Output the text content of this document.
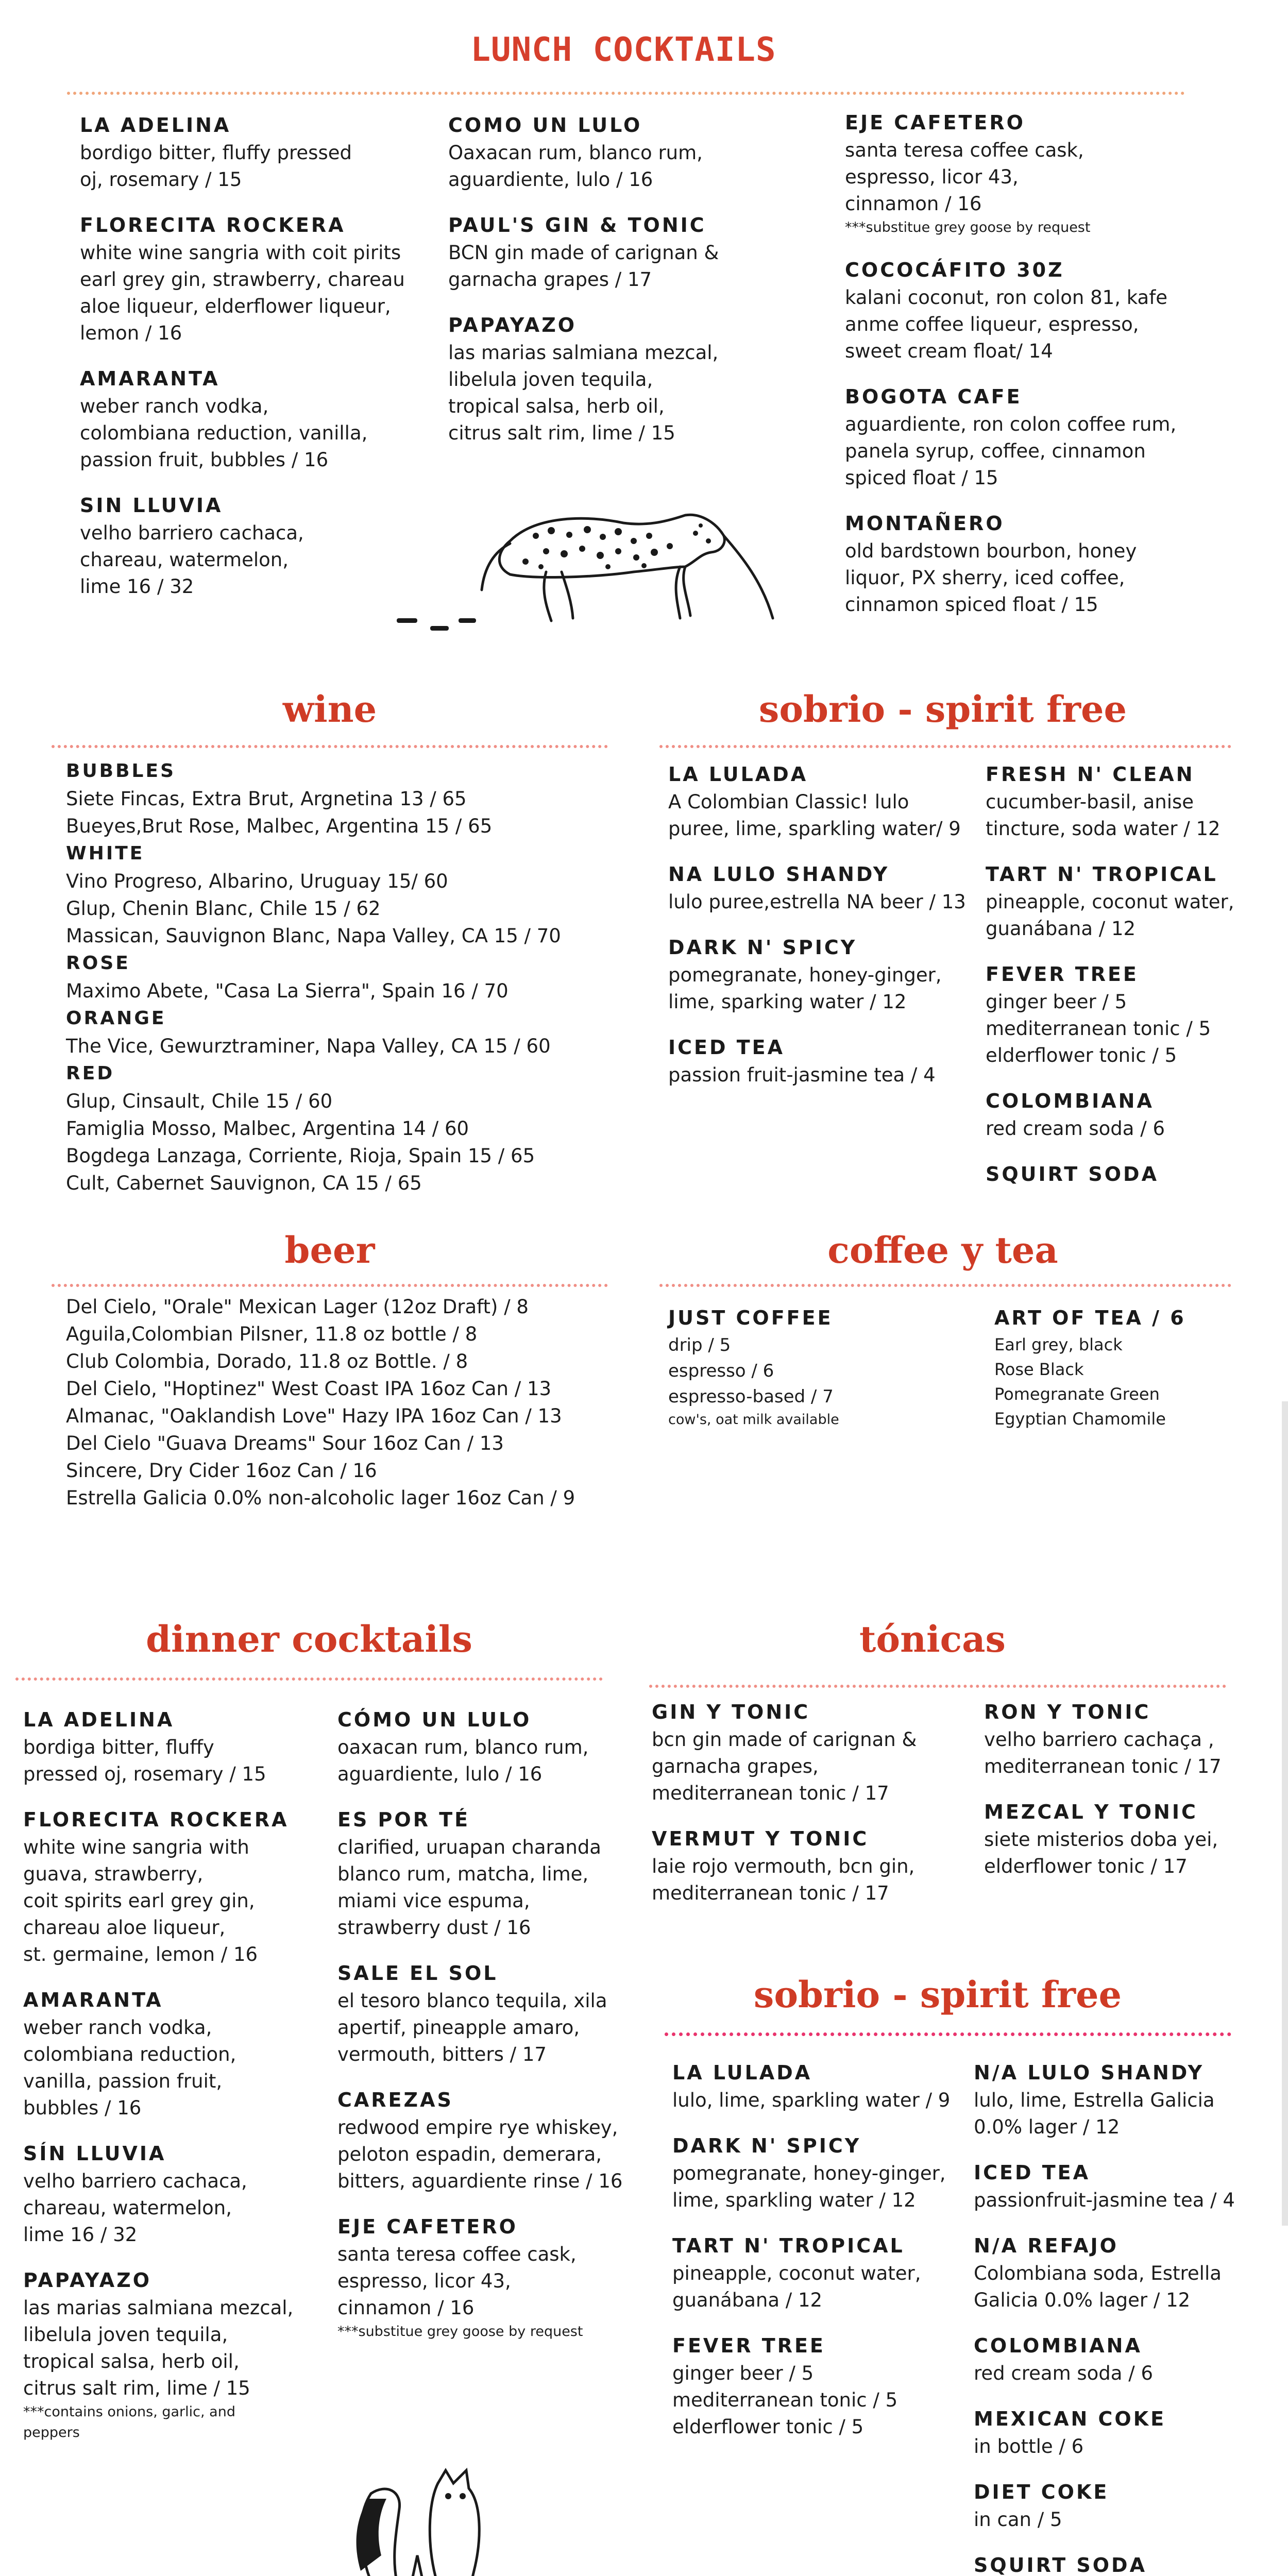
LUNCH COCKTAILS
LA ADELINA
bordigo bitter, fluffy pressed
oj, rosemary / 15
FLORECITA ROCKERA
white wine sangria with coit pirits
earl grey gin, strawberry, chareau
aloe liqueur, elderflower liqueur,
lemon / 16
AMARANTA
weber ranch vodka,
colombiana reduction, vanilla,
passion fruit, bubbles / 16
SIN LLUVIA
velho barriero cachaca,
chareau, watermelon,
lime 16 / 32
COMO UN LULO
Oaxacan rum, blanco rum,
aguardiente, lulo / 16
PAUL'S GIN & TONIC
BCN gin made of carignan &
garnacha grapes / 17
PAPAYAZO
las marias salmiana mezcal,
libelula joven tequila,
tropical salsa, herb oil,
citrus salt rim, lime / 15
EJE CAFETERO
santa teresa coffee cask,
espresso, licor 43,
cinnamon / 16
***substitue grey goose by request
COCOCÁFITO 30Z
kalani coconut, ron colon 81, kafe
anme coffee liqueur, espresso,
sweet cream float/ 14
BOGOTA CAFE
aguardiente, ron colon coffee rum,
panela syrup, coffee, cinnamon
spiced float / 15
MONTAÑERO
old bardstown bourbon, honey
liquor, PX sherry, iced coffee,
cinnamon spiced float / 15
wine
BUBBLES
Siete Fincas, Extra Brut, Argnetina 13 / 65
Bueyes,Brut Rose, Malbec, Argentina 15 / 65
WHITE
Vino Progreso, Albarino, Uruguay 15/ 60
Glup, Chenin Blanc, Chile 15 / 62
Massican, Sauvignon Blanc, Napa Valley, CA 15 / 70
ROSE
Maximo Abete, "Casa La Sierra", Spain 16 / 70
ORANGE
The Vice, Gewurztraminer, Napa Valley, CA 15 / 60
RED
Glup, Cinsault, Chile 15 / 60
Famiglia Mosso, Malbec, Argentina 14 / 60
Bogdega Lanzaga, Corriente, Rioja, Spain 15 / 65
Cult, Cabernet Sauvignon, CA 15 / 65
sobrio - spirit free
LA LULADA
A Colombian Classic! lulo
puree, lime, sparkling water/ 9
NA LULO SHANDY
lulo puree,estrella NA beer / 13
DARK N' SPICY
pomegranate, honey-ginger,
lime, sparking water / 12
ICED TEA
passion fruit-jasmine tea / 4
FRESH N' CLEAN
cucumber-basil, anise
tincture, soda water / 12
TART N' TROPICAL
pineapple, coconut water,
guanábana / 12
FEVER TREE
ginger beer / 5
mediterranean tonic / 5
elderflower tonic / 5
COLOMBIANA
red cream soda / 6
SQUIRT SODA
beer
Del Cielo, "Orale" Mexican Lager (12oz Draft) / 8
Aguila,Colombian Pilsner, 11.8 oz bottle / 8
Club Colombia, Dorado, 11.8 oz Bottle. / 8
Del Cielo, "Hoptinez" West Coast IPA 16oz Can / 13
Almanac, "Oaklandish Love" Hazy IPA 16oz Can / 13
Del Cielo "Guava Dreams" Sour 16oz Can / 13
Sincere, Dry Cider 16oz Can / 16
Estrella Galicia 0.0% non-alcoholic lager 16oz Can / 9
coffee y tea
JUST COFFEE
drip / 5
espresso / 6
espresso-based / 7
cow's, oat milk available
ART OF TEA / 6
Earl grey, black
Rose Black
Pomegranate Green
Egyptian Chamomile
dinner cocktails
LA ADELINA
bordiga bitter, fluffy
pressed oj, rosemary / 15
FLORECITA ROCKERA
white wine sangria with
guava, strawberry,
coit spirits earl grey gin,
chareau aloe liqueur,
st. germaine, lemon / 16
AMARANTA
weber ranch vodka,
colombiana reduction,
vanilla, passion fruit,
bubbles / 16
SÍN LLUVIA
velho barriero cachaca,
chareau, watermelon,
lime 16 / 32
PAPAYAZO
las marias salmiana mezcal,
libelula joven tequila,
tropical salsa, herb oil,
citrus salt rim, lime / 15
***contains onions, garlic, and
peppers
CÓMO UN LULO
oaxacan rum, blanco rum,
aguardiente, lulo / 16
ES POR TÉ
clarified, uruapan charanda
blanco rum, matcha, lime,
miami vice espuma,
strawberry dust / 16
SALE EL SOL
el tesoro blanco tequila, xila
apertif, pineapple amaro,
vermouth, bitters / 17
CAREZAS
redwood empire rye whiskey,
peloton espadin, demerara,
bitters, aguardiente rinse / 16
EJE CAFETERO
santa teresa coffee cask,
espresso, licor 43,
cinnamon / 16
***substitue grey goose by request
tónicas
GIN Y TONIC
bcn gin made of carignan &
garnacha grapes,
mediterranean tonic / 17
VERMUT Y TONIC
laie rojo vermouth, bcn gin,
mediterranean tonic / 17
RON Y TONIC
velho barriero cachaça ,
mediterranean tonic / 17
MEZCAL Y TONIC
siete misterios doba yei,
elderflower tonic / 17
sobrio - spirit free
LA LULADA
lulo, lime, sparkling water / 9
DARK N' SPICY
pomegranate, honey-ginger,
lime, sparkling water / 12
TART N' TROPICAL
pineapple, coconut water,
guanábana / 12
FEVER TREE
ginger beer / 5
mediterranean tonic / 5
elderflower tonic / 5
N/A LULO SHANDY
lulo, lime, Estrella Galicia
0.0% lager / 12
ICED TEA
passionfruit-jasmine tea / 4
N/A REFAJO
Colombiana soda, Estrella
Galicia 0.0% lager / 12
COLOMBIANA
red cream soda / 6
MEXICAN COKE
in bottle / 6
DIET COKE
in can / 5
SQUIRT SODA
